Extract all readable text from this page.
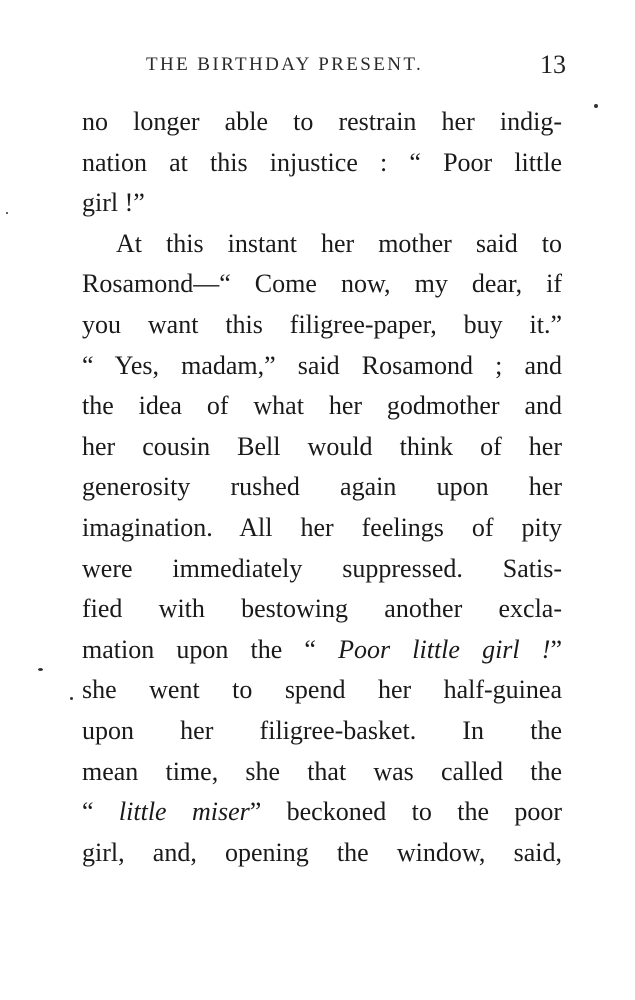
THE BIRTHDAY PRESENT.	13
no longer able to restrain her indig-
nation at this injustice : “ Poor little
girl !”
At this instant her mother said to
Rosamond—“ Come now, my dear, if
you want this filigree-paper, buy it.”
“ Yes, madam,” said Rosamond ; and
the idea of what her godmother and
her cousin Bell would think of her
generosity rushed again upon her
imagination. All her feelings of pity
were immediately suppressed. Satis-
fied with bestowing another excla-
mation upon the “ Poor little girl !”
she went to spend her half-guinea
upon her filigree-basket. In the
mean time, she that was called the
“ little miser” beckoned to the poor
girl, and, opening the window, said,
